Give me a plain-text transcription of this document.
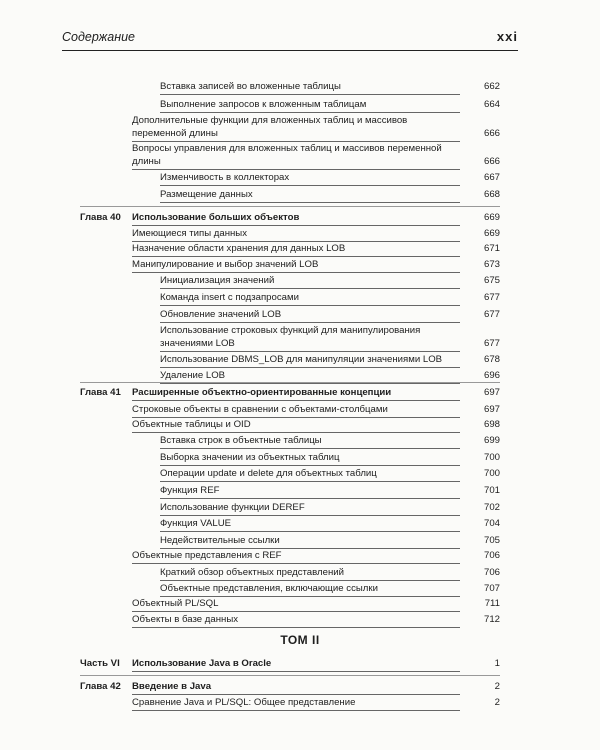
Содержание	xxi
Вставка записей во вложенные таблицы	662
Выполнение запросов к вложенным таблицам	664
Дополнительные функции для вложенных таблиц и массивов
переменной длины	666
Вопросы управления для вложенных таблиц и массивов переменной
длины	666
Изменчивость в коллекторах	667
Размещение данных	668
Глава 40 Использование больших объектов	669
Имеющиеся типы данных	669
Назначение области хранения для данных LOB	671
Манипулирование и выбор значений LOB	673
Инициализация значений	675
Команда insert с подзапросами	677
Обновление значений LOB	677
Использование строковых функций для манипулирования
значениями LOB	677
Использование DBMS_LOB для манипуляции значениями LOB	678
Удаление LOB	696
Глава 41 Расширенные объектно-ориентированные концепции	697
Строковые объекты в сравнении с объектами-столбцами	697
Объектные таблицы и OID	698
Вставка строк в объектные таблицы	699
Выборка значении из объектных таблиц	700
Операции update и delete для объектных таблиц	700
Функция REF	701
Использование функции DEREF	702
Функция VALUE	704
Недействительные ссылки	705
Объектные представления с REF	706
Краткий обзор объектных представлений	706
Объектные представления, включающие ссылки	707
Объектный PL/SQL	711
Объекты в базе данных	712
ТОМ II
Часть VI Использование Java в Oracle	1
Глава 42 Введение в Java	2
Сравнение Java и PL/SQL: Общее представление	2
